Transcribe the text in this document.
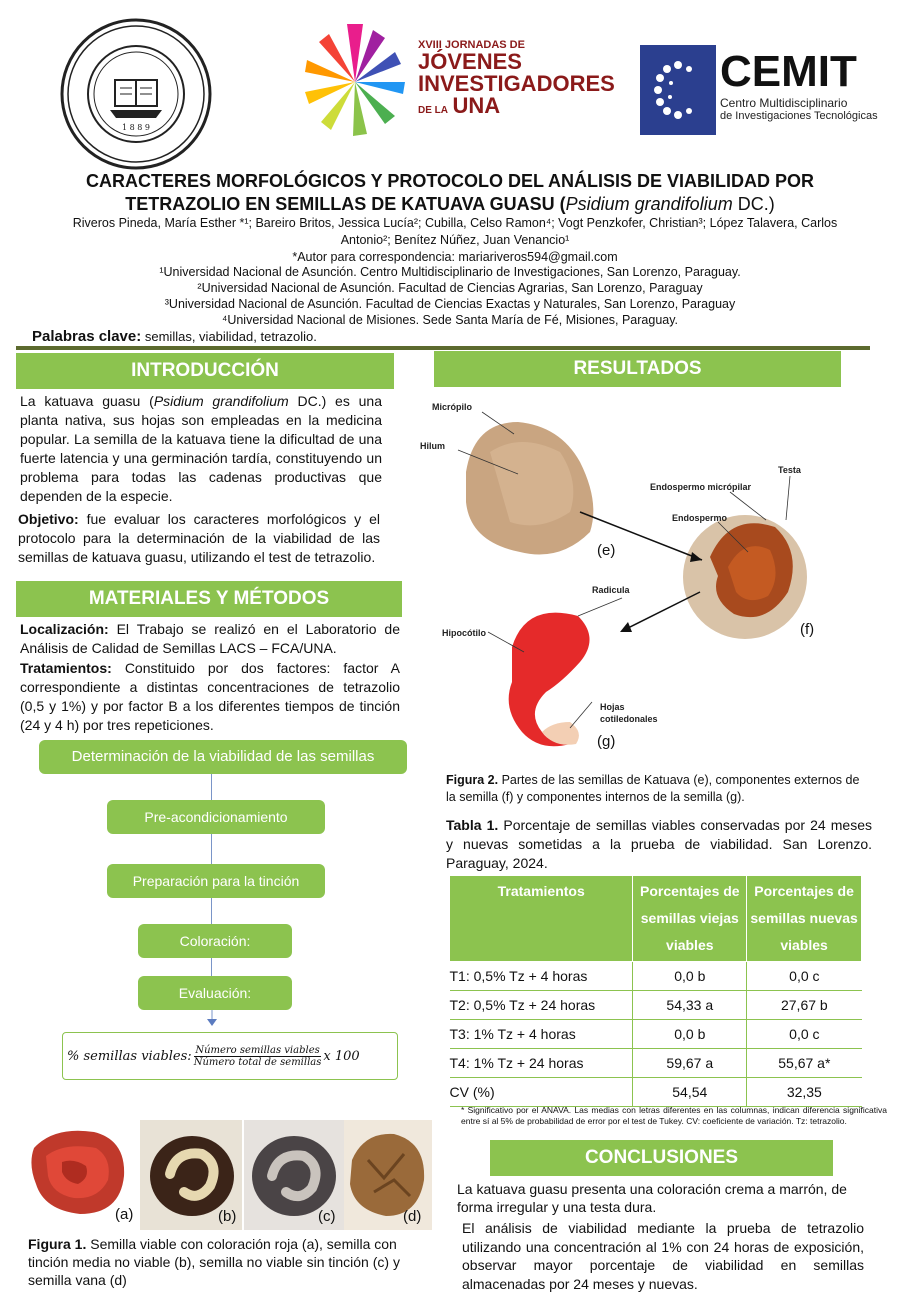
1 8 8 9
XVIII JORNADAS DE
JÓVENES
INVESTIGADORES
DE LA UNA
CEMIT
Centro Multidisciplinario
de Investigaciones Tecnológicas
CARACTERES MORFOLÓGICOS Y PROTOCOLO DEL ANÁLISIS DE VIABILIDAD POR
TETRAZOLIO EN SEMILLAS DE KATUAVA GUASU (Psidium grandifolium DC.)
Riveros Pineda, María Esther *¹; Bareiro Britos, Jessica Lucía²; Cubilla, Celso Ramon⁴; Vogt Penzkofer, Christian³; López Talavera, Carlos
Antonio²; Benítez Núñez, Juan Venancio¹
*Autor para correspondencia: mariariveros594@gmail.com
¹Universidad Nacional de Asunción. Centro Multidisciplinario de Investigaciones, San Lorenzo, Paraguay.
²Universidad Nacional de Asunción. Facultad de Ciencias Agrarias, San Lorenzo, Paraguay
³Universidad Nacional de Asunción. Facultad de Ciencias Exactas y Naturales, San Lorenzo, Paraguay
⁴Universidad Nacional de Misiones. Sede Santa María de Fé, Misiones, Paraguay.
Palabras clave: semillas, viabilidad, tetrazolio.
INTRODUCCIÓN
La katuava guasu (Psidium grandifolium DC.) es una planta nativa, sus hojas son empleadas en la medicina popular. La semilla de la katuava tiene la dificultad de una fuerte latencia y una germinación tardía, constituyendo un problema para todas las cadenas productivas que dependen de la especie.
Objetivo: fue evaluar los caracteres morfológicos y el protocolo para la determinación de la viabilidad de las semillas de katuava guasu, utilizando el test de tetrazolio.
MATERIALES Y MÉTODOS
Localización: El Trabajo se realizó en el Laboratorio de Análisis de Calidad de Semillas LACS – FCA/UNA.
Tratamientos: Constituido por dos factores: factor A correspondiente a distintas concentraciones de tetrazolio (0,5 y 1%) y por factor B a los diferentes tiempos de tinción (24 y 4 h) por tres repeticiones.
Determinación de la viabilidad de las semillas
Pre-acondicionamiento
Preparación para la tinción
Coloración:
Evaluación:
% semillas viables: Número semillas viables
Número total de semillas x 100
(a)	(b)	(c)	(d)
Figura 1. Semilla viable con coloración roja (a), semilla con tinción media no viable (b), semilla no viable sin tinción (c) y semilla vana (d)
RESULTADOS
Micrópilo
Hilum
Testa
Endospermo micrópilar
Endospermo
Radicula
Hipocótilo
Hojas
cotiledonales
(e)
(f)
(g)
Figura 2. Partes de las semillas de Katuava (e), componentes externos de la semilla (f) y componentes internos de la semilla (g).
Tabla 1. Porcentaje de semillas viables conservadas por 24 meses y nuevas sometidas a la prueba de viabilidad. San Lorenzo. Paraguay, 2024.
Tratamientos	Porcentajes de semillas viejas viables	Porcentajes de semillas nuevas viables
T1: 0,5% Tz + 4 horas	0,0 b	0,0 c
T2: 0,5% Tz + 24 horas	54,33 a	27,67 b
T3: 1% Tz + 4 horas	0,0 b	0,0 c
T4: 1% Tz + 24 horas	59,67 a	55,67 a*
CV (%)	54,54	32,35
* Significativo por el ANAVA. Las medias con letras diferentes en las columnas, indican diferencia significativa entre sí al 5% de probabilidad de error por el test de Tukey. CV: coeficiente de variación. Tz: tetrazolio.
CONCLUSIONES
La katuava guasu presenta una coloración crema a marrón, de forma irregular y una testa dura.
El análisis de viabilidad mediante la prueba de tetrazolio utilizando una concentración al 1% con 24 horas de exposición, observar mayor porcentaje de viabilidad en semillas almacenadas por 24 meses y nuevas.
